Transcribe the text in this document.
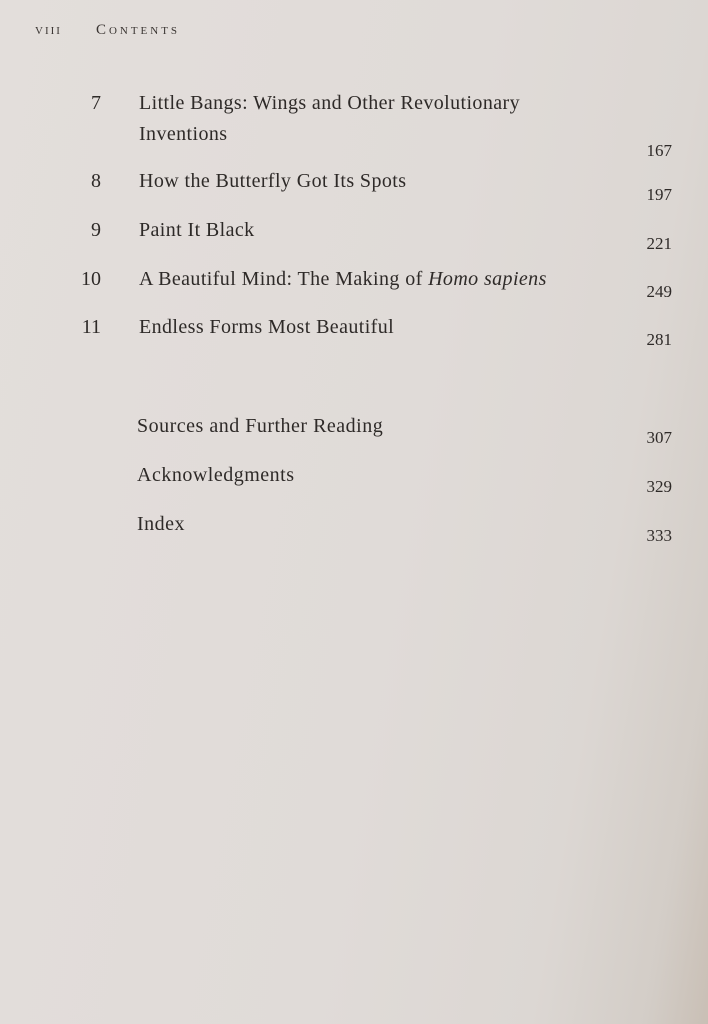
VIII Contents
7 Little Bangs: Wings and Other Revolutionary
Inventions
167
8 How the Butterfly Got Its Spots
197
9 Paint It Black
221
10 A Beautiful Mind: The Making of Homo sapiens
249
11 Endless Forms Most Beautiful
281
Sources and Further Reading
307
Acknowledgments
329
Index
333
